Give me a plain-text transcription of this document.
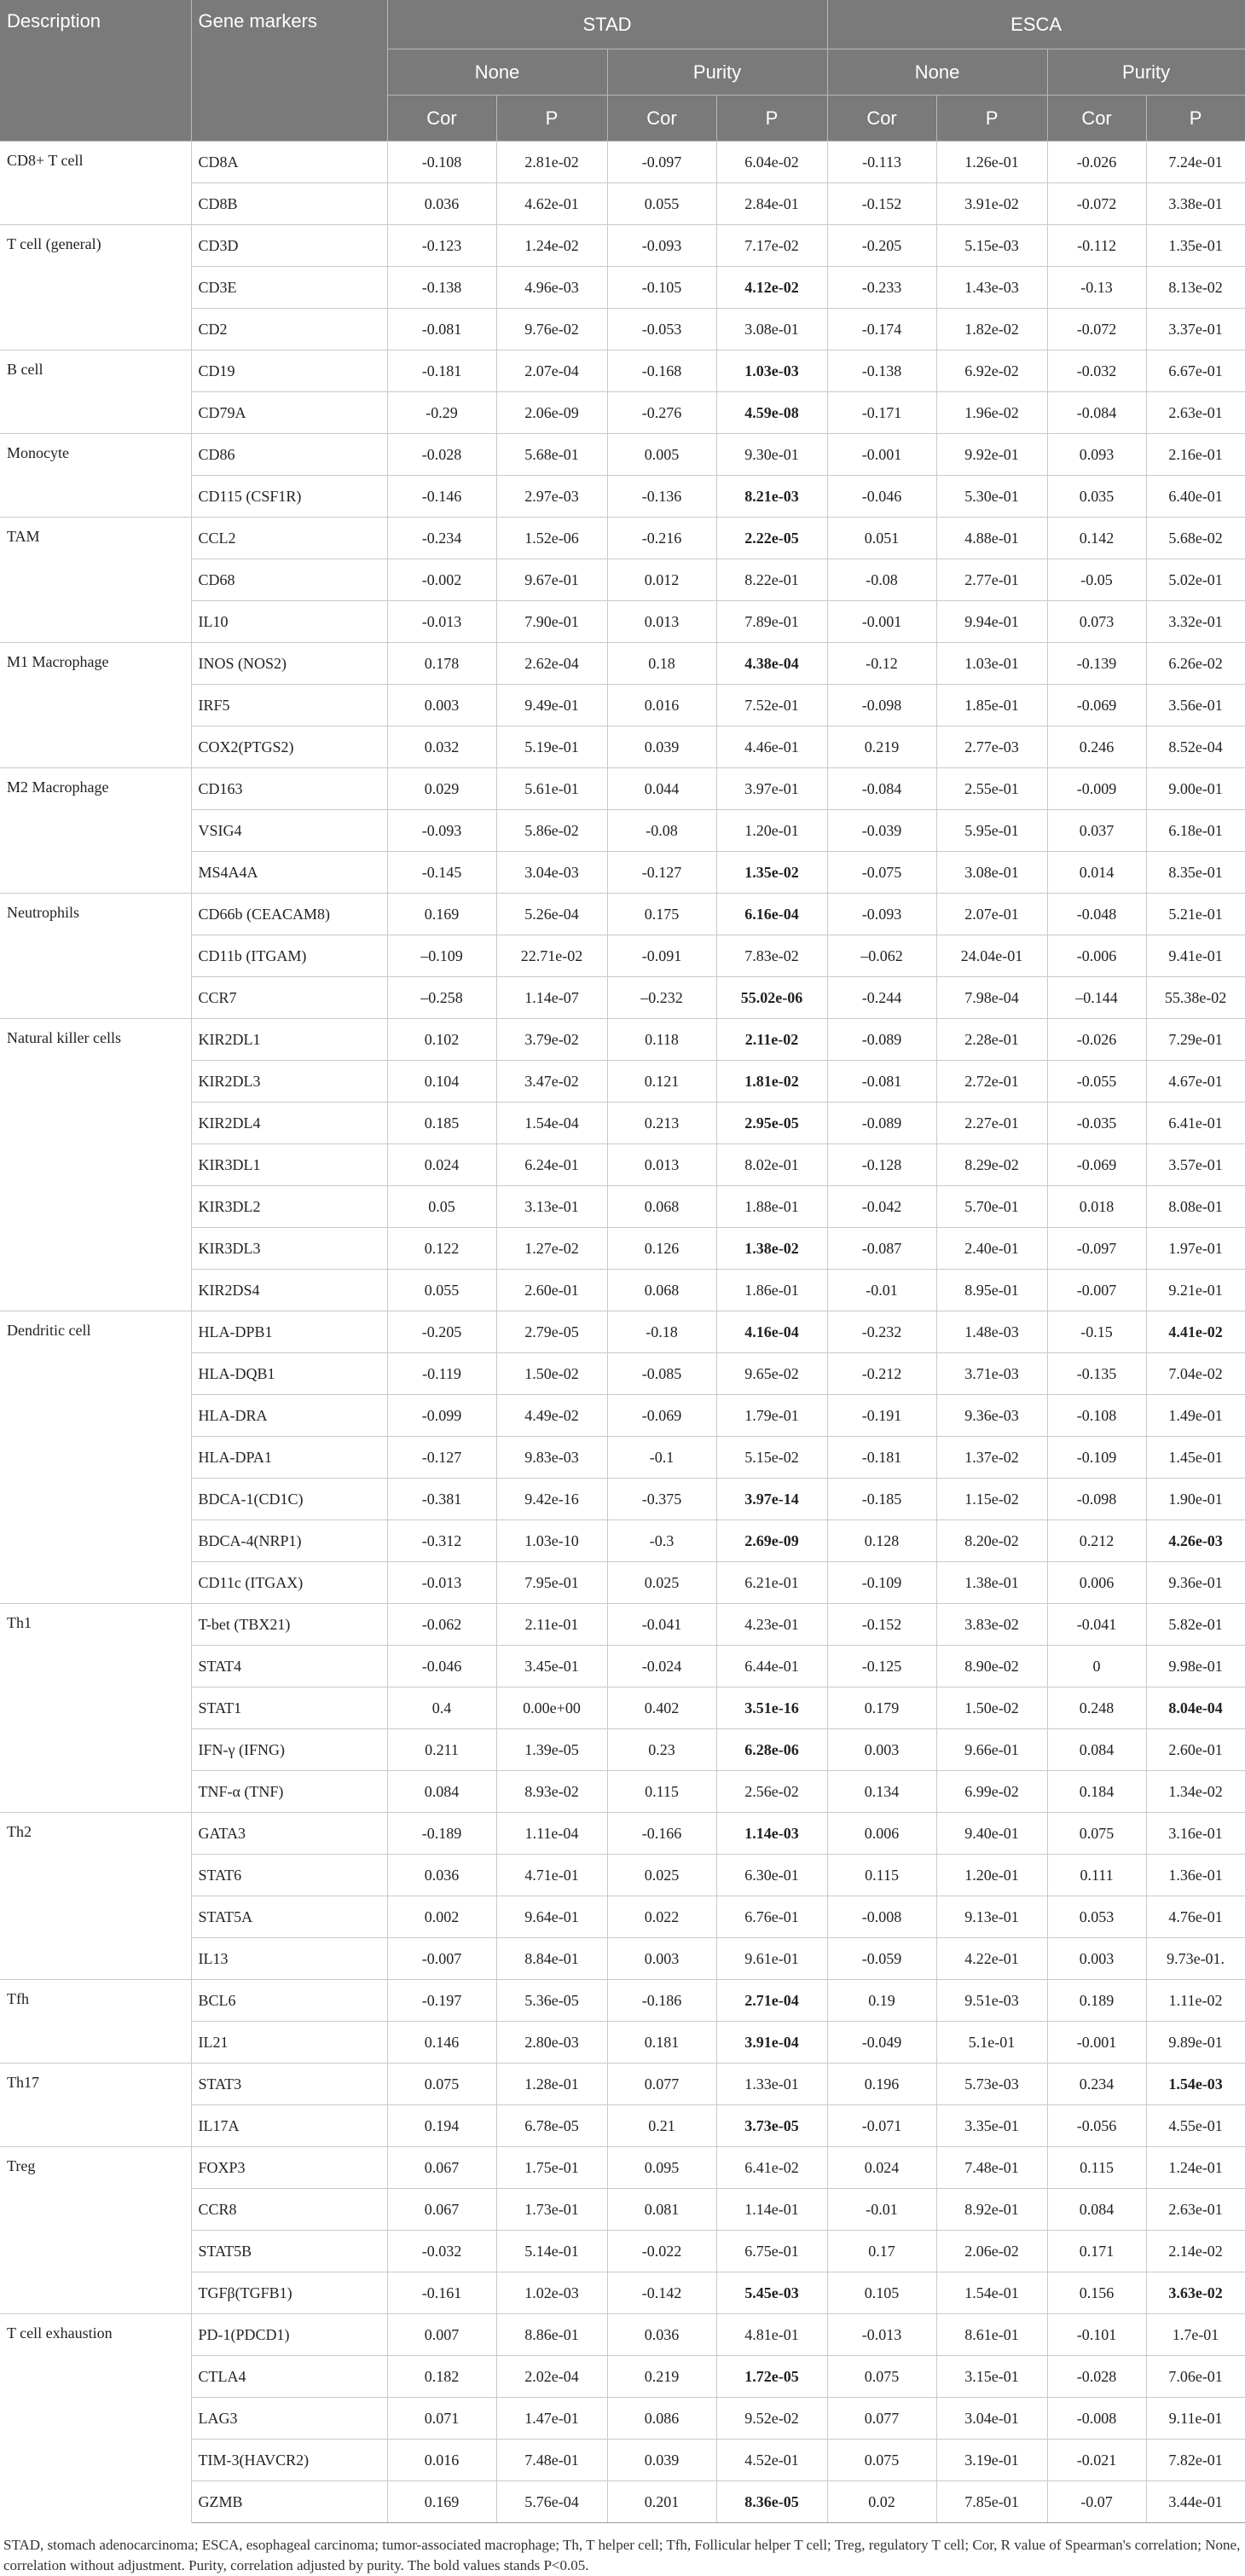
Description	Gene markers	STAD				ESCA			
		None		Purity		None		Purity	
		Cor	P	Cor	P	Cor	P	Cor	P
CD8+ T cell	CD8A	-0.108	2.81e-02	-0.097	6.04e-02	-0.113	1.26e-01	-0.026	7.24e-01
	CD8B	0.036	4.62e-01	0.055	2.84e-01	-0.152	3.91e-02	-0.072	3.38e-01
T cell (general)	CD3D	-0.123	1.24e-02	-0.093	7.17e-02	-0.205	5.15e-03	-0.112	1.35e-01
	CD3E	-0.138	4.96e-03	-0.105	4.12e-02	-0.233	1.43e-03	-0.13	8.13e-02
	CD2	-0.081	9.76e-02	-0.053	3.08e-01	-0.174	1.82e-02	-0.072	3.37e-01
B cell	CD19	-0.181	2.07e-04	-0.168	1.03e-03	-0.138	6.92e-02	-0.032	6.67e-01
	CD79A	-0.29	2.06e-09	-0.276	4.59e-08	-0.171	1.96e-02	-0.084	2.63e-01
Monocyte	CD86	-0.028	5.68e-01	0.005	9.30e-01	-0.001	9.92e-01	0.093	2.16e-01
	CD115 (CSF1R)	-0.146	2.97e-03	-0.136	8.21e-03	-0.046	5.30e-01	0.035	6.40e-01
TAM	CCL2	-0.234	1.52e-06	-0.216	2.22e-05	0.051	4.88e-01	0.142	5.68e-02
	CD68	-0.002	9.67e-01	0.012	8.22e-01	-0.08	2.77e-01	-0.05	5.02e-01
	IL10	-0.013	7.90e-01	0.013	7.89e-01	-0.001	9.94e-01	0.073	3.32e-01
M1 Macrophage	INOS (NOS2)	0.178	2.62e-04	0.18	4.38e-04	-0.12	1.03e-01	-0.139	6.26e-02
	IRF5	0.003	9.49e-01	0.016	7.52e-01	-0.098	1.85e-01	-0.069	3.56e-01
	COX2(PTGS2)	0.032	5.19e-01	0.039	4.46e-01	0.219	2.77e-03	0.246	8.52e-04
M2 Macrophage	CD163	0.029	5.61e-01	0.044	3.97e-01	-0.084	2.55e-01	-0.009	9.00e-01
	VSIG4	-0.093	5.86e-02	-0.08	1.20e-01	-0.039	5.95e-01	0.037	6.18e-01
	MS4A4A	-0.145	3.04e-03	-0.127	1.35e-02	-0.075	3.08e-01	0.014	8.35e-01
Neutrophils	CD66b (CEACAM8)	0.169	5.26e-04	0.175	6.16e-04	-0.093	2.07e-01	-0.048	5.21e-01
	CD11b (ITGAM)	–0.109	22.71e-02	-0.091	7.83e-02	–0.062	24.04e-01	-0.006	9.41e-01
	CCR7	–0.258	1.14e-07	–0.232	55.02e-06	-0.244	7.98e-04	–0.144	55.38e-02
Natural killer cells	KIR2DL1	0.102	3.79e-02	0.118	2.11e-02	-0.089	2.28e-01	-0.026	7.29e-01
	KIR2DL3	0.104	3.47e-02	0.121	1.81e-02	-0.081	2.72e-01	-0.055	4.67e-01
	KIR2DL4	0.185	1.54e-04	0.213	2.95e-05	-0.089	2.27e-01	-0.035	6.41e-01
	KIR3DL1	0.024	6.24e-01	0.013	8.02e-01	-0.128	8.29e-02	-0.069	3.57e-01
	KIR3DL2	0.05	3.13e-01	0.068	1.88e-01	-0.042	5.70e-01	0.018	8.08e-01
	KIR3DL3	0.122	1.27e-02	0.126	1.38e-02	-0.087	2.40e-01	-0.097	1.97e-01
	KIR2DS4	0.055	2.60e-01	0.068	1.86e-01	-0.01	8.95e-01	-0.007	9.21e-01
Dendritic cell	HLA-DPB1	-0.205	2.79e-05	-0.18	4.16e-04	-0.232	1.48e-03	-0.15	4.41e-02
	HLA-DQB1	-0.119	1.50e-02	-0.085	9.65e-02	-0.212	3.71e-03	-0.135	7.04e-02
	HLA-DRA	-0.099	4.49e-02	-0.069	1.79e-01	-0.191	9.36e-03	-0.108	1.49e-01
	HLA-DPA1	-0.127	9.83e-03	-0.1	5.15e-02	-0.181	1.37e-02	-0.109	1.45e-01
	BDCA-1(CD1C)	-0.381	9.42e-16	-0.375	3.97e-14	-0.185	1.15e-02	-0.098	1.90e-01
	BDCA-4(NRP1)	-0.312	1.03e-10	-0.3	2.69e-09	0.128	8.20e-02	0.212	4.26e-03
	CD11c (ITGAX)	-0.013	7.95e-01	0.025	6.21e-01	-0.109	1.38e-01	0.006	9.36e-01
Th1	T-bet (TBX21)	-0.062	2.11e-01	-0.041	4.23e-01	-0.152	3.83e-02	-0.041	5.82e-01
	STAT4	-0.046	3.45e-01	-0.024	6.44e-01	-0.125	8.90e-02	0	9.98e-01
	STAT1	0.4	0.00e+00	0.402	3.51e-16	0.179	1.50e-02	0.248	8.04e-04
	IFN-γ (IFNG)	0.211	1.39e-05	0.23	6.28e-06	0.003	9.66e-01	0.084	2.60e-01
	TNF-α (TNF)	0.084	8.93e-02	0.115	2.56e-02	0.134	6.99e-02	0.184	1.34e-02
Th2	GATA3	-0.189	1.11e-04	-0.166	1.14e-03	0.006	9.40e-01	0.075	3.16e-01
	STAT6	0.036	4.71e-01	0.025	6.30e-01	0.115	1.20e-01	0.111	1.36e-01
	STAT5A	0.002	9.64e-01	0.022	6.76e-01	-0.008	9.13e-01	0.053	4.76e-01
	IL13	-0.007	8.84e-01	0.003	9.61e-01	-0.059	4.22e-01	0.003	9.73e-01.
Tfh	BCL6	-0.197	5.36e-05	-0.186	2.71e-04	0.19	9.51e-03	0.189	1.11e-02
	IL21	0.146	2.80e-03	0.181	3.91e-04	-0.049	5.1e-01	-0.001	9.89e-01
Th17	STAT3	0.075	1.28e-01	0.077	1.33e-01	0.196	5.73e-03	0.234	1.54e-03
	IL17A	0.194	6.78e-05	0.21	3.73e-05	-0.071	3.35e-01	-0.056	4.55e-01
Treg	FOXP3	0.067	1.75e-01	0.095	6.41e-02	0.024	7.48e-01	0.115	1.24e-01
	CCR8	0.067	1.73e-01	0.081	1.14e-01	-0.01	8.92e-01	0.084	2.63e-01
	STAT5B	-0.032	5.14e-01	-0.022	6.75e-01	0.17	2.06e-02	0.171	2.14e-02
	TGFβ(TGFB1)	-0.161	1.02e-03	-0.142	5.45e-03	0.105	1.54e-01	0.156	3.63e-02
T cell exhaustion	PD-1(PDCD1)	0.007	8.86e-01	0.036	4.81e-01	-0.013	8.61e-01	-0.101	1.7e-01
	CTLA4	0.182	2.02e-04	0.219	1.72e-05	0.075	3.15e-01	-0.028	7.06e-01
	LAG3	0.071	1.47e-01	0.086	9.52e-02	0.077	3.04e-01	-0.008	9.11e-01
	TIM-3(HAVCR2)	0.016	7.48e-01	0.039	4.52e-01	0.075	3.19e-01	-0.021	7.82e-01
	GZMB	0.169	5.76e-04	0.201	8.36e-05	0.02	7.85e-01	-0.07	3.44e-01
STAD, stomach adenocarcinoma; ESCA, esophageal carcinoma; tumor-associated macrophage; Th, T helper cell; Tfh, Follicular helper T cell; Treg, regulatory T cell; Cor, R value of Spearman's correlation; None, correlation without adjustment. Purity, correlation adjusted by purity. The bold values stands P<0.05.
